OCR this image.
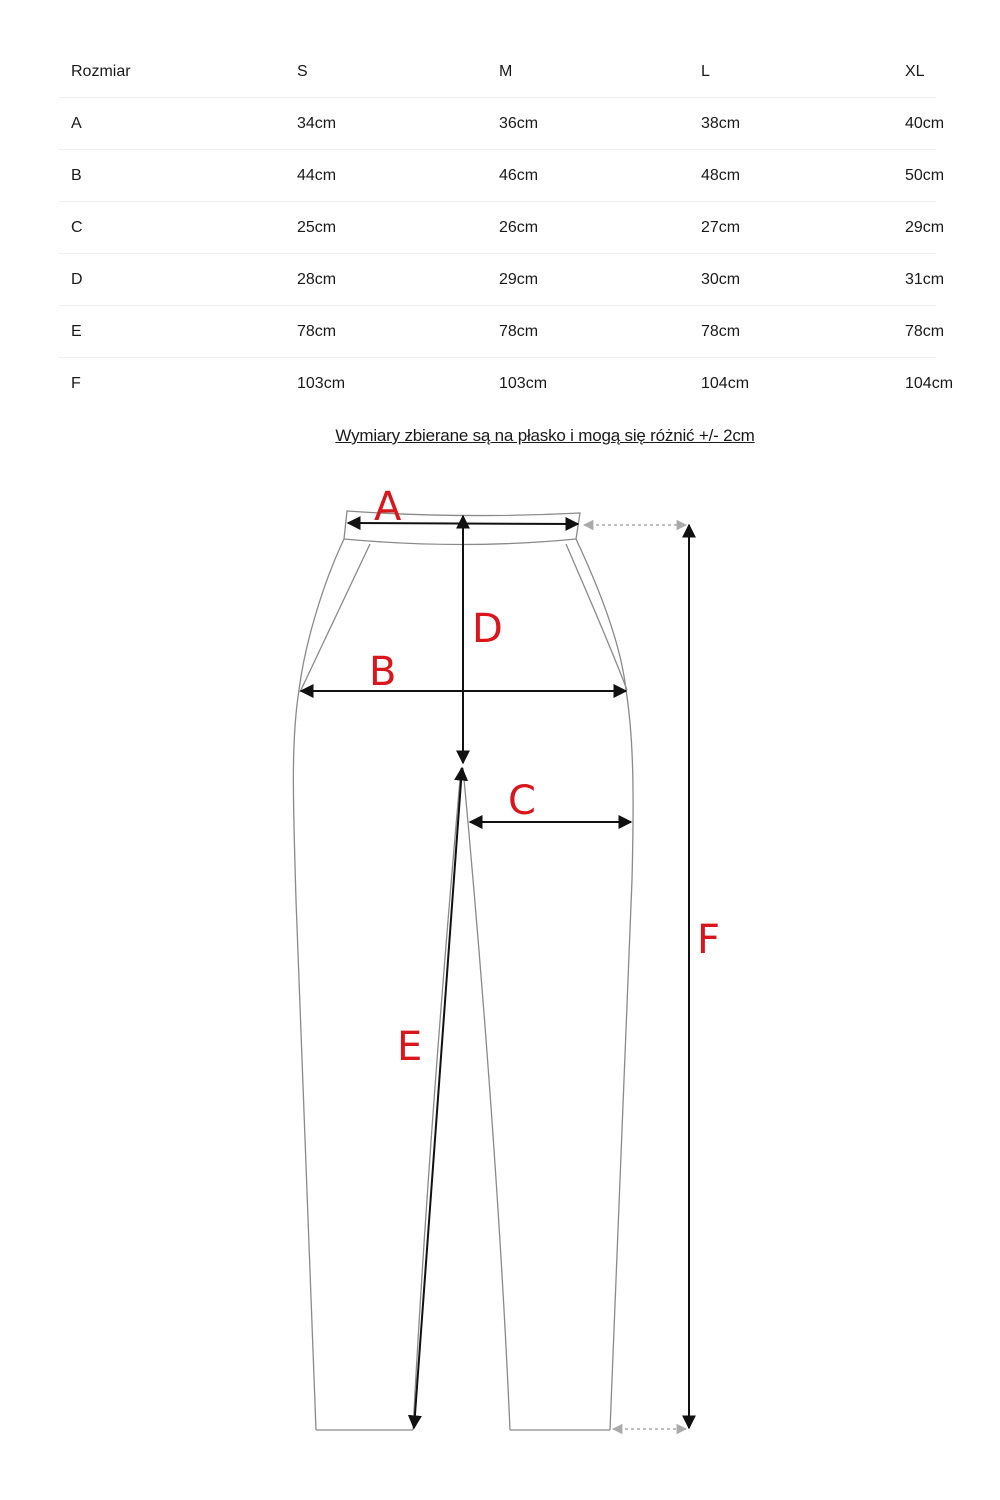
Rozmiar	S	M	L	XL
A	34cm	36cm	38cm	40cm
B	44cm	46cm	48cm	50cm
C	25cm	26cm	27cm	29cm
D	28cm	29cm	30cm	31cm
E	78cm	78cm	78cm	78cm
F	103cm	103cm	104cm	104cm
Wymiary zbierane są na płasko i mogą się różnić +/- 2cm
A
B
C
D
E
F
